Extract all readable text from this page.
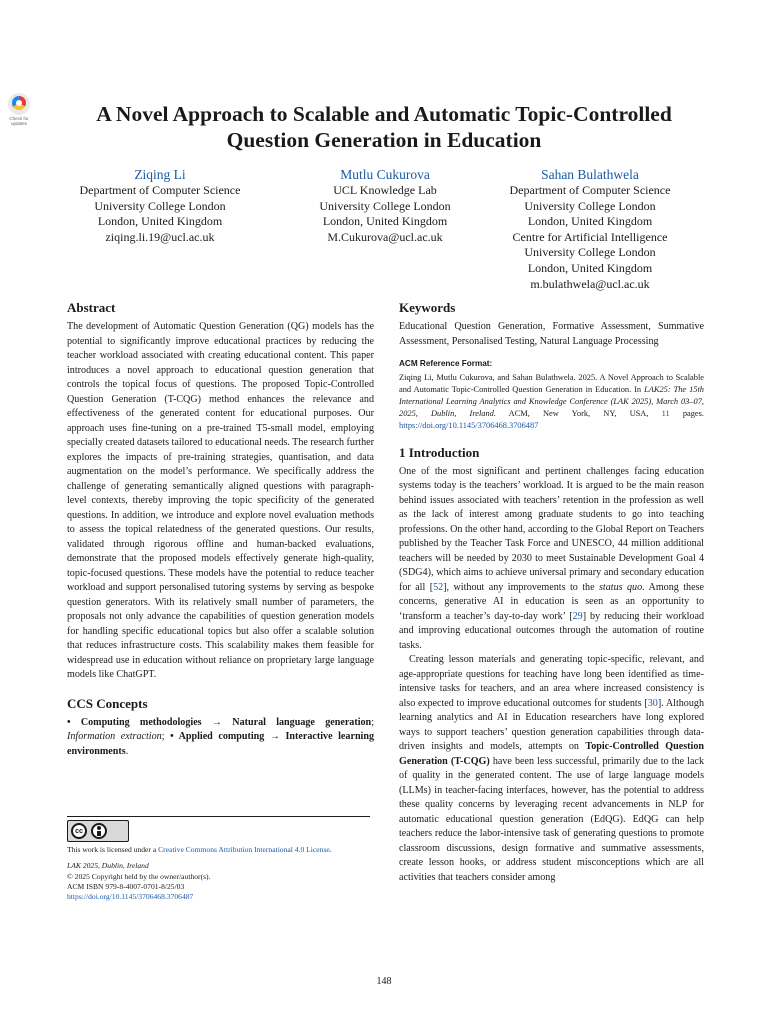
Check for updates	A Novel Approach to Scalable and Automatic Topic-Controlled Question Generation in Education
Ziqing Li
Department of Computer Science
University College London
London, United Kingdom
ziqing.li.19@ucl.ac.uk
Mutlu Cukurova
UCL Knowledge Lab
University College London
London, United Kingdom
M.Cukurova@ucl.ac.uk
Sahan Bulathwela
Department of Computer Science
University College London
London, United Kingdom
Centre for Artificial Intelligence
University College London
London, United Kingdom
m.bulathwela@ucl.ac.uk
Abstract

The development of Automatic Question Generation (QG) models has the potential to significantly improve educational practices by reducing the teacher workload associated with creating educational content. This paper introduces a novel approach to educational question generation that controls the topical focus of questions. The proposed Topic-Controlled Question Generation (T-CQG) method enhances the relevance and effectiveness of the generated content for educational purposes. Our approach uses fine-tuning on a pre-trained T5-small model, employing specially created datasets tailored to educational needs. The research further explores the impacts of pre-training strategies, quantisation, and data augmentation on the model’s performance. We specifically address the challenge of generating semantically aligned questions with paragraph-level contexts, thereby improving the topic specificity of the generated questions. In addition, we introduce and explore novel evaluation methods to assess the topical relatedness of the generated questions. Our results, validated through rigorous offline and human-backed evaluations, demonstrate that the proposed models effectively generate high-quality, topic-focused questions. These models have the potential to reduce teacher workload and support personalised tutoring systems by serving as bespoke question generators. With its relatively small number of parameters, the proposals not only advance the capabilities of question generation models for handling specific educational topics but also offer a scalable solution that reduces infrastructure costs. This scalability makes them feasible for widespread use in education without reliance on proprietary large language models like ChatGPT.

CCS Concepts

• Computing methodologies → Natural language generation; Information extraction; • Applied computing → Interactive learning environments.

cc
This work is licensed under a Creative Commons Attribution International 4.0 License.
LAK 2025, Dublin, Ireland
© 2025 Copyright held by the owner/author(s).
ACM ISBN 979-8-4007-0701-8/25/03
https://doi.org/10.1145/3706468.3706487
Keywords

Educational Question Generation, Formative Assessment, Summative Assessment, Personalised Testing, Natural Language Processing

ACM Reference Format:

Ziqing Li, Mutlu Cukurova, and Sahan Bulathwela. 2025. A Novel Approach to Scalable and Automatic Topic-Controlled Question Generation in Education. In LAK25: The 15th International Learning Analytics and Knowledge Conference (LAK 2025), March 03–07, 2025, Dublin, Ireland. ACM, New York, NY, USA, 11 pages. https://doi.org/10.1145/3706468.3706487

1 Introduction

One of the most significant and pertinent challenges facing education systems today is the teachers’ workload. It is argued to be the main reason behind issues associated with teachers’ retention in the profession as well as the lack of interest among graduate students to go into teaching professions. On the other hand, according to the Global Report on Teachers published by the Teacher Task Force and UNESCO, 44 million additional teachers will be needed by 2030 to meet Sustainable Development Goal 4 (SDG4), which aims to achieve universal primary and secondary education for all [52], without any improvements to the status quo. Among these concerns, generative AI in education is seen as an opportunity to ‘transform a teacher’s day-to-day work’ [29] by reducing their workload and improving educational outcomes through the automation of routine tasks.

Creating lesson materials and generating topic-specific, relevant, and age-appropriate questions for teaching have long been identified as time-intensive tasks for teachers, and an area where increased consistency is also expected to improve educational outcomes for students [30]. Although learning analytics and AI in Education researchers have long explored ways to support teachers’ question generation capabilities through data-driven insights and models, attempts on Topic-Controlled Question Generation (T-CQG) have been less successful, primarily due to the lack of quality in the generated content. The use of large language models (LLMs) in teacher-facing interfaces, however, has the potential to address these quality concerns by leveraging recent advancements in NLP for automatic educational question generation (EdQG). EdQG can help teachers reduce the labor-intensive task of generating questions to promote classroom discussions, design formative and summative assessments, create lesson hooks, or address student misconceptions which are all activities that teachers consider among

148
